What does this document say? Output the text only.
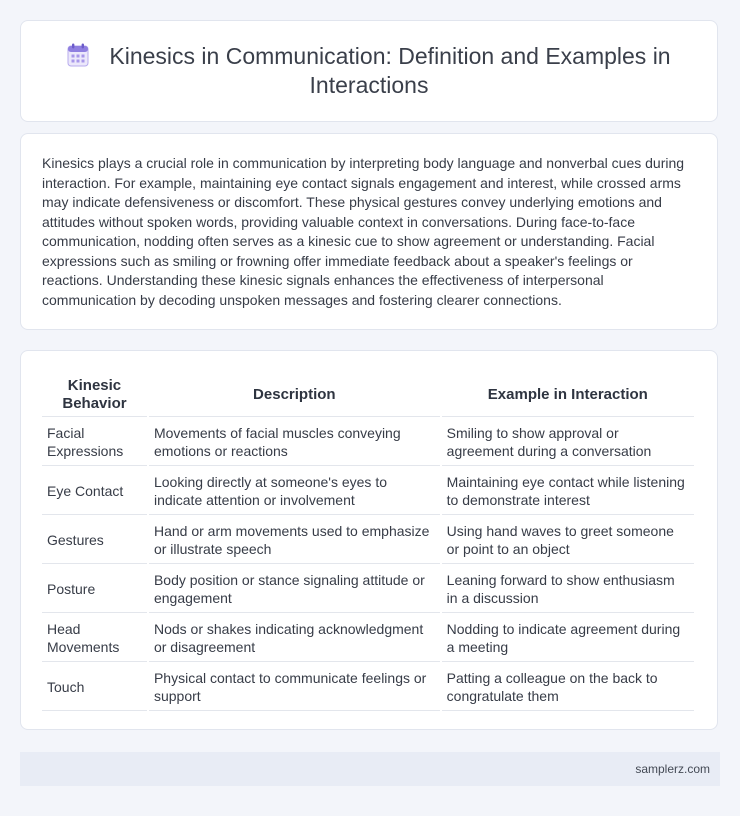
Kinesics in Communication: Definition and Examples in Interactions

Kinesics plays a crucial role in communication by interpreting body language and nonverbal cues during interaction. For example, maintaining eye contact signals engagement and interest, while crossed arms may indicate defensiveness or discomfort. These physical gestures convey underlying emotions and attitudes without spoken words, providing valuable context in conversations. During face-to-face communication, nodding often serves as a kinesic cue to show agreement or understanding. Facial expressions such as smiling or frowning offer immediate feedback about a speaker's feelings or reactions. Understanding these kinesic signals enhances the effectiveness of interpersonal communication by decoding unspoken messages and fostering clearer connections.

Kinesic Behavior	Description	Example in Interaction
Facial Expressions	Movements of facial muscles conveying emotions or reactions	Smiling to show approval or agreement during a conversation
Eye Contact	Looking directly at someone's eyes to indicate attention or involvement	Maintaining eye contact while listening to demonstrate interest
Gestures	Hand or arm movements used to emphasize or illustrate speech	Using hand waves to greet someone or point to an object
Posture	Body position or stance signaling attitude or engagement	Leaning forward to show enthusiasm in a discussion
Head Movements	Nods or shakes indicating acknowledgment or disagreement	Nodding to indicate agreement during a meeting
Touch	Physical contact to communicate feelings or support	Patting a colleague on the back to congratulate them
samplerz.com
